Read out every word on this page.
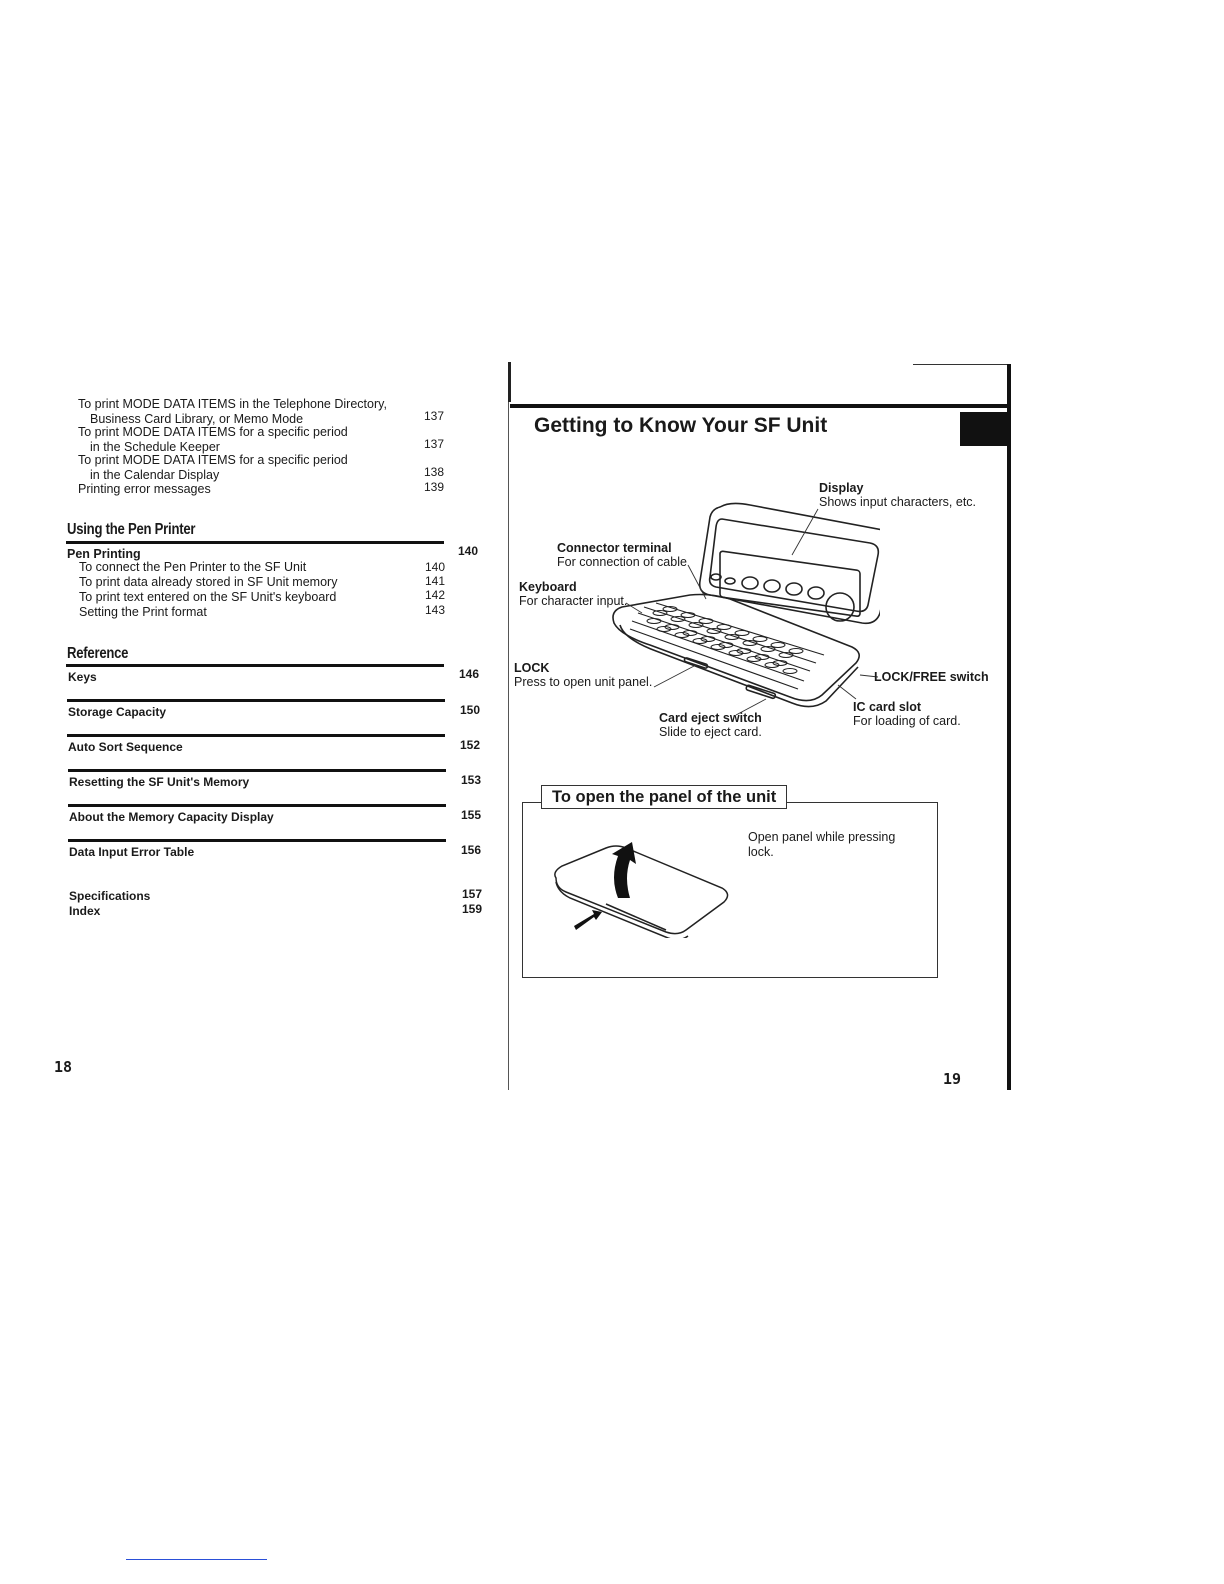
To print MODE DATA ITEMS in the Telephone Directory,
Business Card Library, or Memo Mode	137
To print MODE DATA ITEMS for a specific period
in the Schedule Keeper	137
To print MODE DATA ITEMS for a specific period
in the Calendar Display	138
Printing error messages	139
Using the Pen Printer
Pen Printing	140
To connect the Pen Printer to the SF Unit	140
To print data already stored in SF Unit memory	141
To print text entered on the SF Unit's keyboard	142
Setting the Print format	143
Reference
Keys	146
Storage Capacity	150
Auto Sort Sequence	152
Resetting the SF Unit's Memory	153
About the Memory Capacity Display	155
Data Input Error Table	156
Specifications	157
Index	159
18
Getting to Know Your SF Unit
Display
Shows input characters, etc.
Connector terminal
For connection of cable
Keyboard
For character input.
LOCK
Press to open unit panel.	LOCK/FREE switch
IC card slot
For loading of card.
Card eject switch
Slide to eject card.
To open the panel of the unit
Open panel while pressing
lock.
19
